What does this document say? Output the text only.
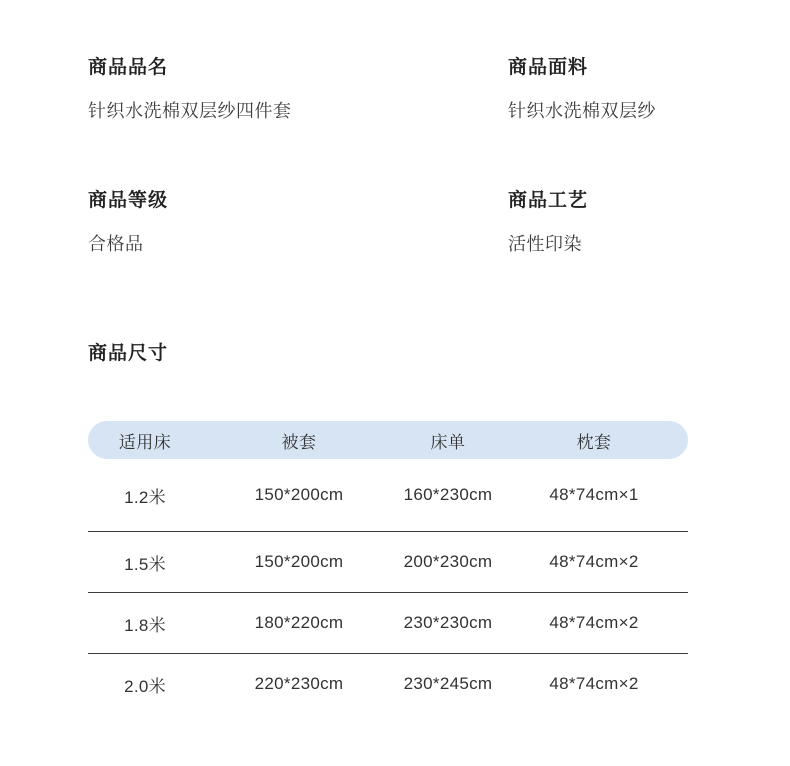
商品品名

针织水洗棉双层纱四件套

商品面料

针织水洗棉双层纱

商品等级

合格品

商品工艺

活性印染

商品尺寸
适用床	被套	床单	枕套
1.2米	150*200cm	160*230cm	48*74cm×1
1.5米	150*200cm	200*230cm	48*74cm×2
1.8米	180*220cm	230*230cm	48*74cm×2
2.0米	220*230cm	230*245cm	48*74cm×2
